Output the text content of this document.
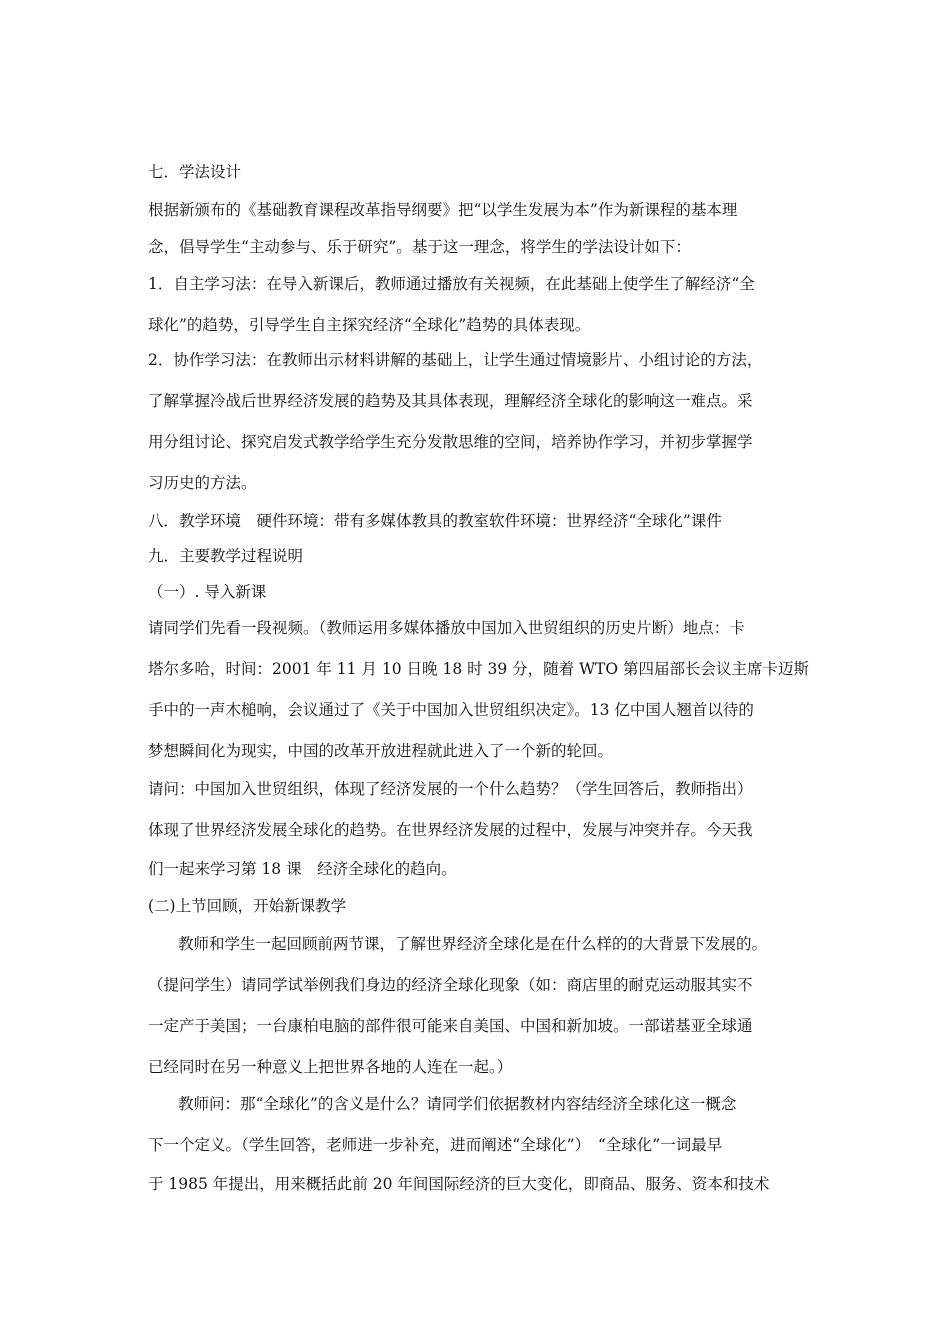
七．学法设计
根据新颁布的《基础教育课程改革指导纲要》把“以学生发展为本”作为新课程的基本理
念，倡导学生“主动参与、乐于研究”。基于这一理念，将学生的学法设计如下：
1．自主学习法：在导入新课后，教师通过播放有关视频，在此基础上使学生了解经济“全
球化”的趋势，引导学生自主探究经济“全球化”趋势的具体表现。
2．协作学习法：在教师出示材料讲解的基础上，让学生通过情境影片、小组讨论的方法，
了解掌握冷战后世界经济发展的趋势及其具体表现，理解经济全球化的影响这一难点。采
用分组讨论、探究启发式教学给学生充分发散思维的空间，培养协作学习，并初步掌握学
习历史的方法。
八．教学环境　硬件环境：带有多媒体教具的教室软件环境：世界经济“全球化”课件
九．主要教学过程说明
（一）. 导入新课
请同学们先看一段视频。（教师运用多媒体播放中国加入世贸组织的历史片断）地点：卡
塔尔多哈，时间：2001 年 11 月 10 日晚 18 时 39 分，随着 WTO 第四届部长会议主席卡迈斯
手中的一声木槌响，会议通过了《关于中国加入世贸组织决定》。13 亿中国人翘首以待的
梦想瞬间化为现实，中国的改革开放进程就此进入了一个新的轮回。
请问：中国加入世贸组织，体现了经济发展的一个什么趋势？（学生回答后，教师指出）
体现了世界经济发展全球化的趋势。在世界经济发展的过程中，发展与冲突并存。今天我
们一起来学习第 18 课　经济全球化的趋向。
(二)上节回顾，开始新课教学
教师和学生一起回顾前两节课，了解世界经济全球化是在什么样的的大背景下发展的。
（提问学生）请同学试举例我们身边的经济全球化现象（如：商店里的耐克运动服其实不
一定产于美国；一台康柏电脑的部件很可能来自美国、中国和新加坡。一部诺基亚全球通
已经同时在另一种意义上把世界各地的人连在一起。）
教师问：那“全球化”的含义是什么？请同学们依据教材内容结经济全球化这一概念
下一个定义。（学生回答，老师进一步补充，进而阐述“全球化”）　“全球化”一词最早
于 1985 年提出，用来概括此前 20 年间国际经济的巨大变化，即商品、服务、资本和技术
